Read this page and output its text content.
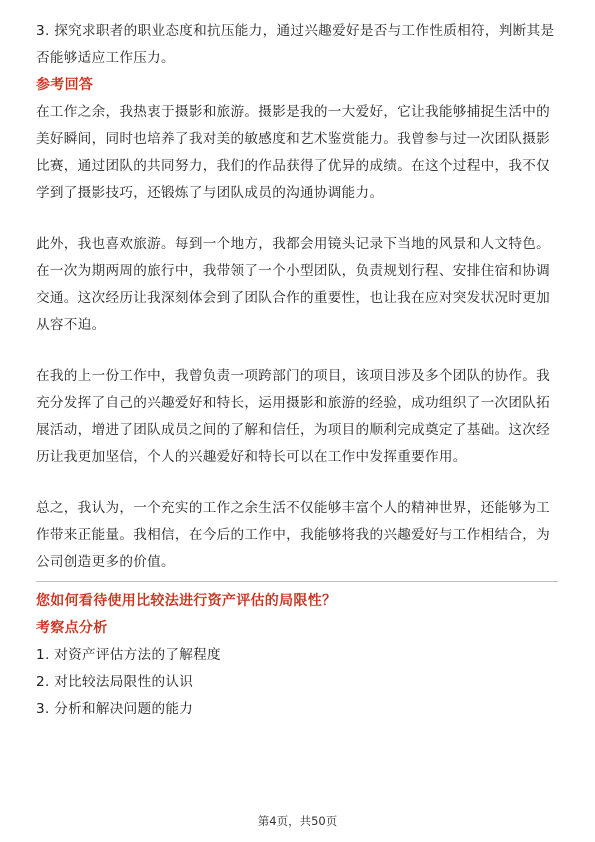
3. 探究求职者的职业态度和抗压能力，通过兴趣爱好是否与工作性质相符，判断其是否能够适应工作压力。

参考回答

在工作之余，我热衷于摄影和旅游。摄影是我的一大爱好，它让我能够捕捉生活中的美好瞬间，同时也培养了我对美的敏感度和艺术鉴赏能力。我曾参与过一次团队摄影比赛，通过团队的共同努力，我们的作品获得了优异的成绩。在这个过程中，我不仅学到了摄影技巧，还锻炼了与团队成员的沟通协调能力。

此外，我也喜欢旅游。每到一个地方，我都会用镜头记录下当地的风景和人文特色。在一次为期两周的旅行中，我带领了一个小型团队，负责规划行程、安排住宿和协调交通。这次经历让我深刻体会到了团队合作的重要性，也让我在应对突发状况时更加从容不迫。

在我的上一份工作中，我曾负责一项跨部门的项目，该项目涉及多个团队的协作。我充分发挥了自己的兴趣爱好和特长，运用摄影和旅游的经验，成功组织了一次团队拓展活动，增进了团队成员之间的了解和信任，为项目的顺利完成奠定了基础。这次经历让我更加坚信，个人的兴趣爱好和特长可以在工作中发挥重要作用。

总之，我认为，一个充实的工作之余生活不仅能够丰富个人的精神世界，还能够为工作带来正能量。我相信，在今后的工作中，我能够将我的兴趣爱好与工作相结合，为公司创造更多的价值。

您如何看待使用比较法进行资产评估的局限性？

考察点分析

1. 对资产评估方法的了解程度

2. 对比较法局限性的认识

3. 分析和解决问题的能力

第4页，共50页
